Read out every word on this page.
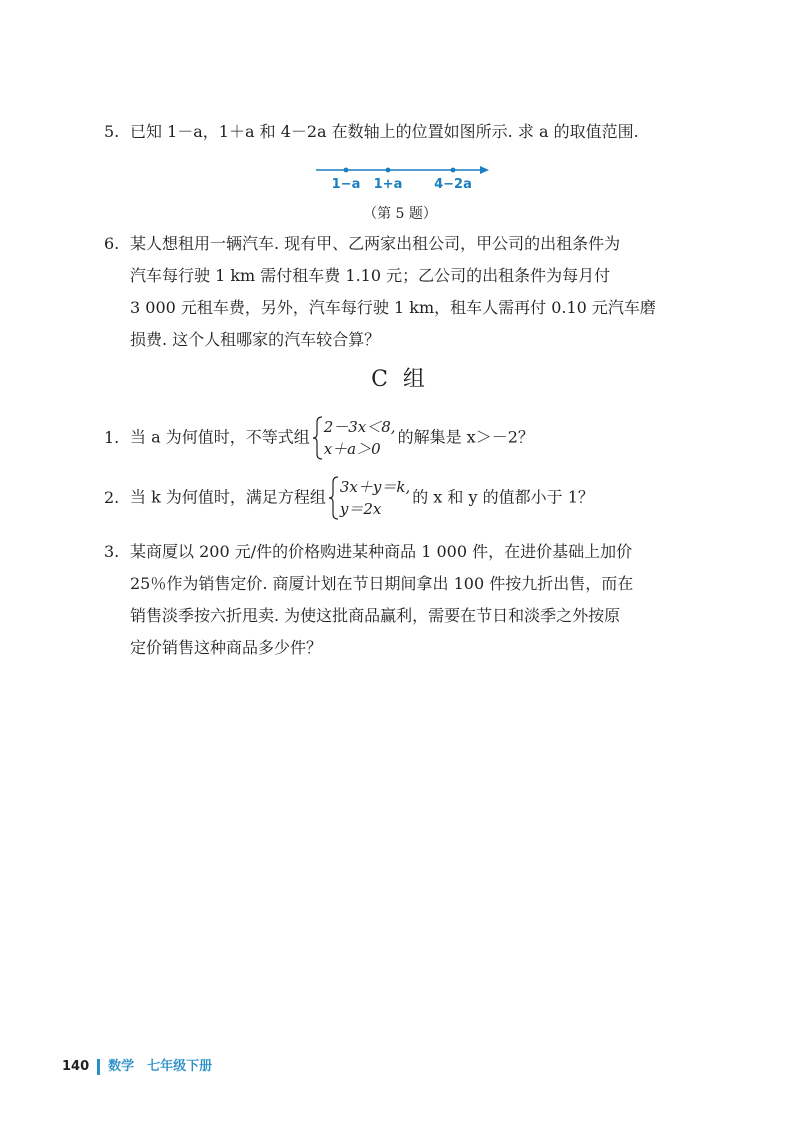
5. 已知 1－a，1＋a 和 4－2a 在数轴上的位置如图所示. 求 a 的取值范围.
1−a 1+a 4−2a
（第 5 题）
6. 某人想租用一辆汽车. 现有甲、乙两家出租公司，甲公司的出租条件为
汽车每行驶 1 km 需付租车费 1.10 元；乙公司的出租条件为每月付
3 000 元租车费，另外，汽车每行驶 1 km，租车人需再付 0.10 元汽车磨
损费. 这个人租哪家的汽车较合算？
C 组
1. 当 a 为何值时，不等式组
2－3x＜8,
x＋a＞0
的解集是 x＞－2？
2. 当 k 为何值时，满足方程组
3x＋y＝k,
y＝2x
的 x 和 y 的值都小于 1？
3. 某商厦以 200 元/件的价格购进某种商品 1 000 件，在进价基础上加价
25％作为销售定价. 商厦计划在节日期间拿出 100 件按九折出售，而在
销售淡季按六折甩卖. 为使这批商品赢利，需要在节日和淡季之外按原
定价销售这种商品多少件？
140 数学　七年级下册
